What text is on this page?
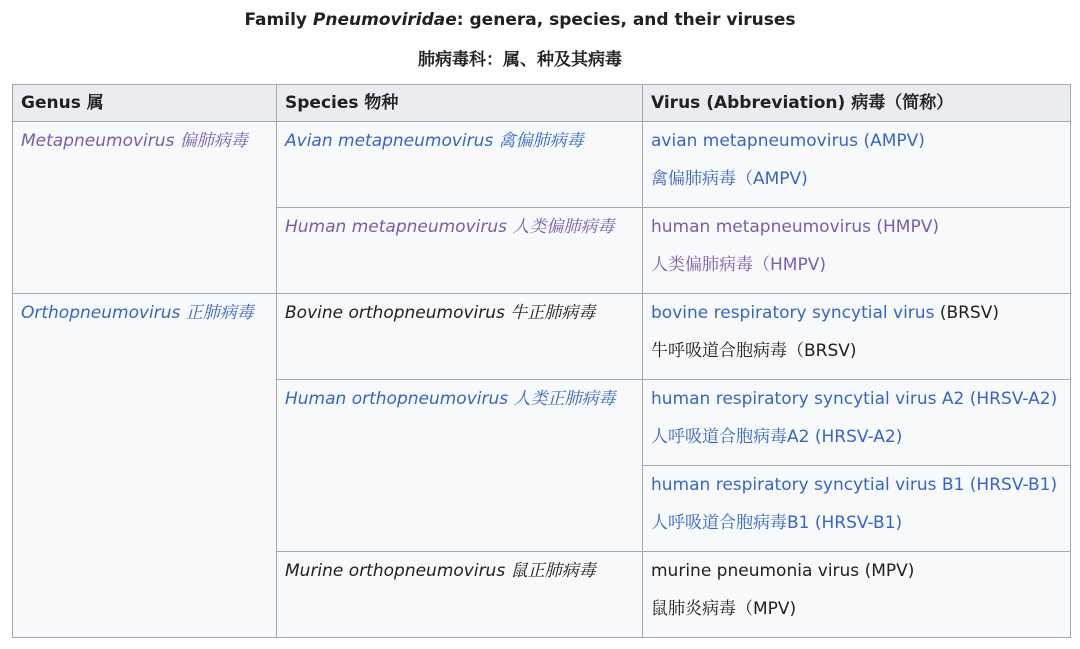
Family Pneumoviridae: genera, species, and their viruses
肺病毒科：属、种及其病毒
Genus 属	Species 物种	Virus (Abbreviation) 病毒（简称）

Metapneumovirus 偏肺病毒	Avian metapneumovirus 禽偏肺病毒	avian metapneumovirus (AMPV)
禽偏肺病毒（AMPV)

	Human metapneumovirus 人类偏肺病毒	human metapneumovirus (HMPV)
人类偏肺病毒（HMPV)

Orthopneumovirus 正肺病毒	Bovine orthopneumovirus 牛正肺病毒	bovine respiratory syncytial virus (BRSV)
牛呼吸道合胞病毒（BRSV)

	Human orthopneumovirus 人类正肺病毒	human respiratory syncytial virus A2 (HRSV-A2)
人呼吸道合胞病毒A2 (HRSV-A2)

		human respiratory syncytial virus B1 (HRSV-B1)
人呼吸道合胞病毒B1 (HRSV-B1)

	Murine orthopneumovirus 鼠正肺病毒	murine pneumonia virus (MPV)
鼠肺炎病毒（MPV)
